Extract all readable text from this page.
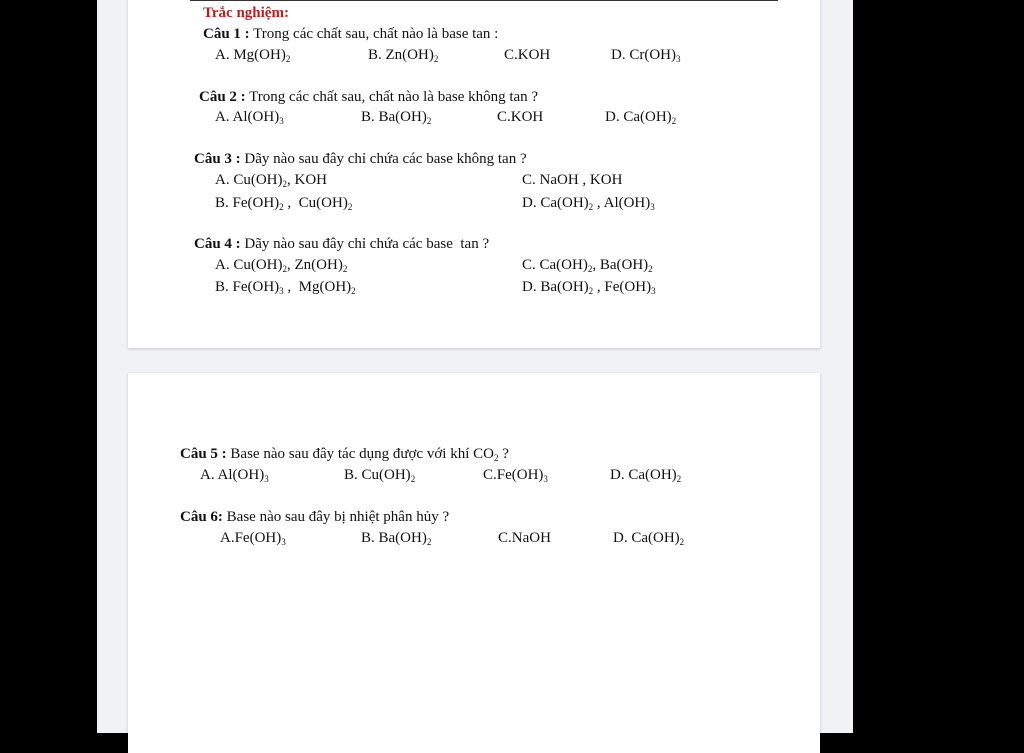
Trắc nghiệm:
Câu 1 : Trong các chất sau, chất nào là base tan :
A. $Mg(OH)_2$	B. $Zn(OH)_2$	C.KOH	D. $Cr(OH)_3$
Câu 2 : Trong các chất sau, chất nào là base không tan ?
A. $Al(OH)_3$	B. $Ba(OH)_2$	C.KOH	D. $Ca(OH)_2$
Câu 3 : Dãy nào sau đây chỉ chứa các base không tan ?
A. $Cu(OH)_2$, KOH	C. NaOH , KOH
B. $Fe(OH)_2$ ,  $Cu(OH)_2$	D. $Ca(OH)_2$ , $Al(OH)_3$
Câu 4 : Dãy nào sau đây chỉ chứa các base  tan ?
A. $Cu(OH)_2$, $Zn(OH)_2$	C. $Ca(OH)_2$, $Ba(OH)_2$
B. $Fe(OH)_3$ ,  $Mg(OH)_2$	D. $Ba(OH)_2$ , $Fe(OH)_3$
Câu 5 : Base nào sau đây tác dụng được với khí $CO_2$ ?
A. $Al(OH)_3$	B. $Cu(OH)_2$	$C.Fe(OH)_3$	D. $Ca(OH)_2$
Câu 6: Base nào sau đây bị nhiệt phân hủy ?
$A.Fe(OH)_3$	B. $Ba(OH)_2$	C.NaOH	D. $Ca(OH)_2$
